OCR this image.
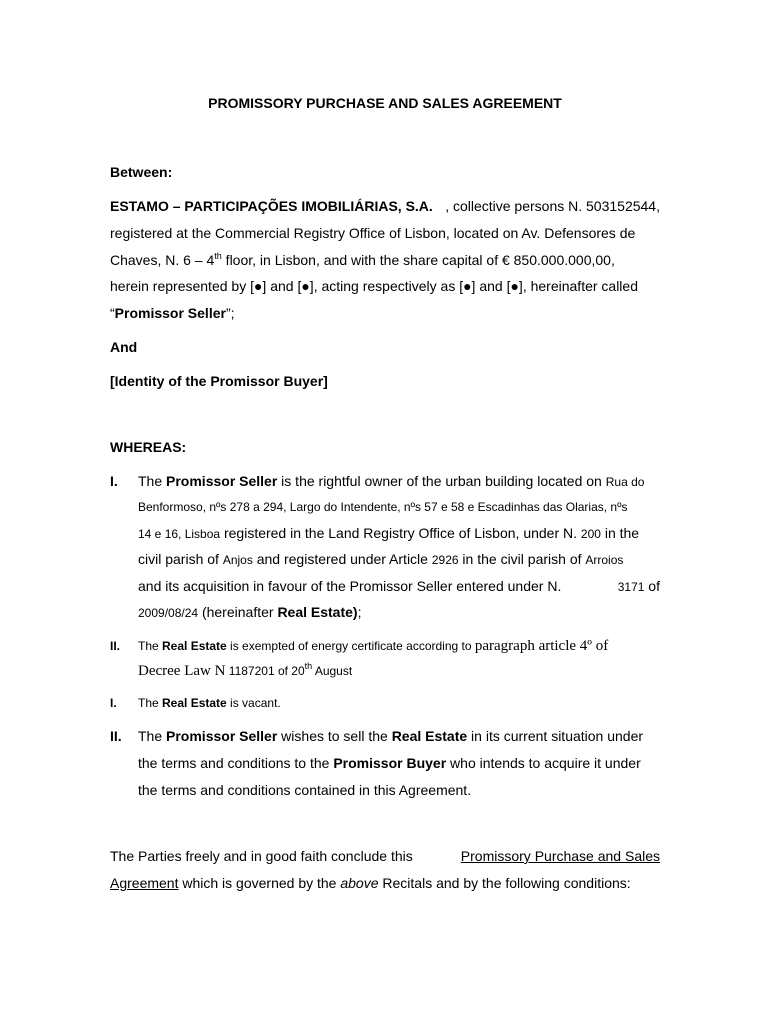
PROMISSORY PURCHASE AND SALES AGREEMENT
Between:
ESTAMO – PARTICIPAÇÕES IMOBILIÁRIAS, S.A. , collective persons N. 503152544,
registered at the Commercial Registry Office of Lisbon, located on Av. Defensores de
Chaves, N. 6 – 4th floor, in Lisbon, and with the share capital of € 850.000.000,00,
herein represented by [●] and [●], acting respectively as [●] and [●], hereinafter called
“Promissor Seller”;
And
[Identity of the Promissor Buyer]
WHEREAS:
I. The Promissor Seller is the rightful owner of the urban building located on Rua do
Benformoso, nºs 278 a 294, Largo do Intendente, nºs 57 e 58 e Escadinhas das Olarias, nºs
14 e 16, Lisboa registered in the Land Registry Office of Lisbon, under N. 200 in the
civil parish of Anjos and registered under Article 2926 in the civil parish of Arroios
and its acquisition in favour of the Promissor Seller entered under N.	3171 of
2009/08/24 (hereinafter Real Estate);
II. The Real Estate is exempted of energy certificate according to paragraph article 4º of
Decree Law N 1187201 of 20th August
I. The Real Estate is vacant.
II. The Promissor Seller wishes to sell the Real Estate in its current situation under
the terms and conditions to the Promissor Buyer who intends to acquire it under
the terms and conditions contained in this Agreement.
The Parties freely and in good faith conclude this	Promissory Purchase and Sales
Agreement which is governed by the above Recitals and by the following conditions:
